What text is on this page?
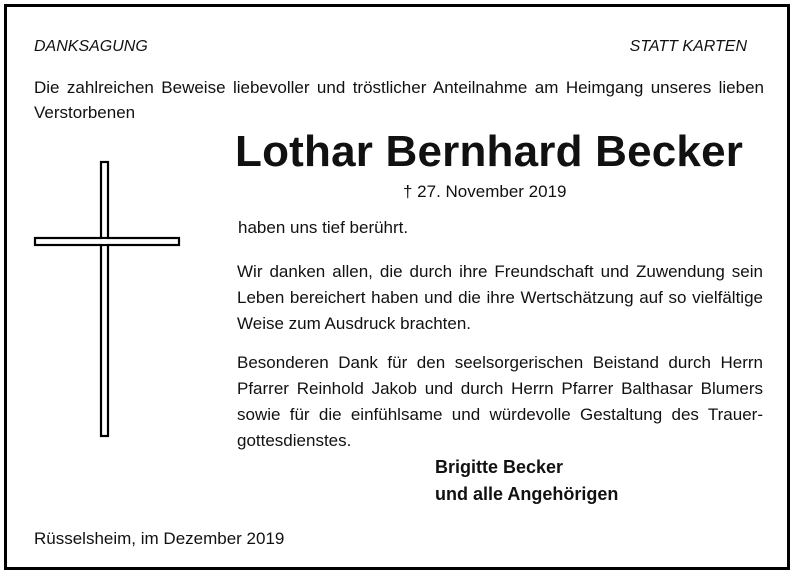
DANKSAGUNG	STATT KARTEN
Die zahlreichen Beweise liebevoller und tröstlicher Anteilnahme am Heimgang unseres lieben Verstorbenen
Lothar Bernhard Becker
† 27. November 2019
haben uns tief berührt.
Wir danken allen, die durch ihre Freundschaft und Zuwendung sein Leben bereichert haben und die ihre Wertschätzung auf so vielfältige Weise zum Ausdruck brachten.
Besonderen Dank für den seelsorgerischen Beistand durch Herrn Pfarrer Reinhold Jakob und durch Herrn Pfarrer Balthasar Blumers sowie für die einfühlsame und würdevolle Gestaltung des Trauergottesdienstes.
Brigitte Becker
und alle Angehörigen
Rüsselsheim, im Dezember 2019
